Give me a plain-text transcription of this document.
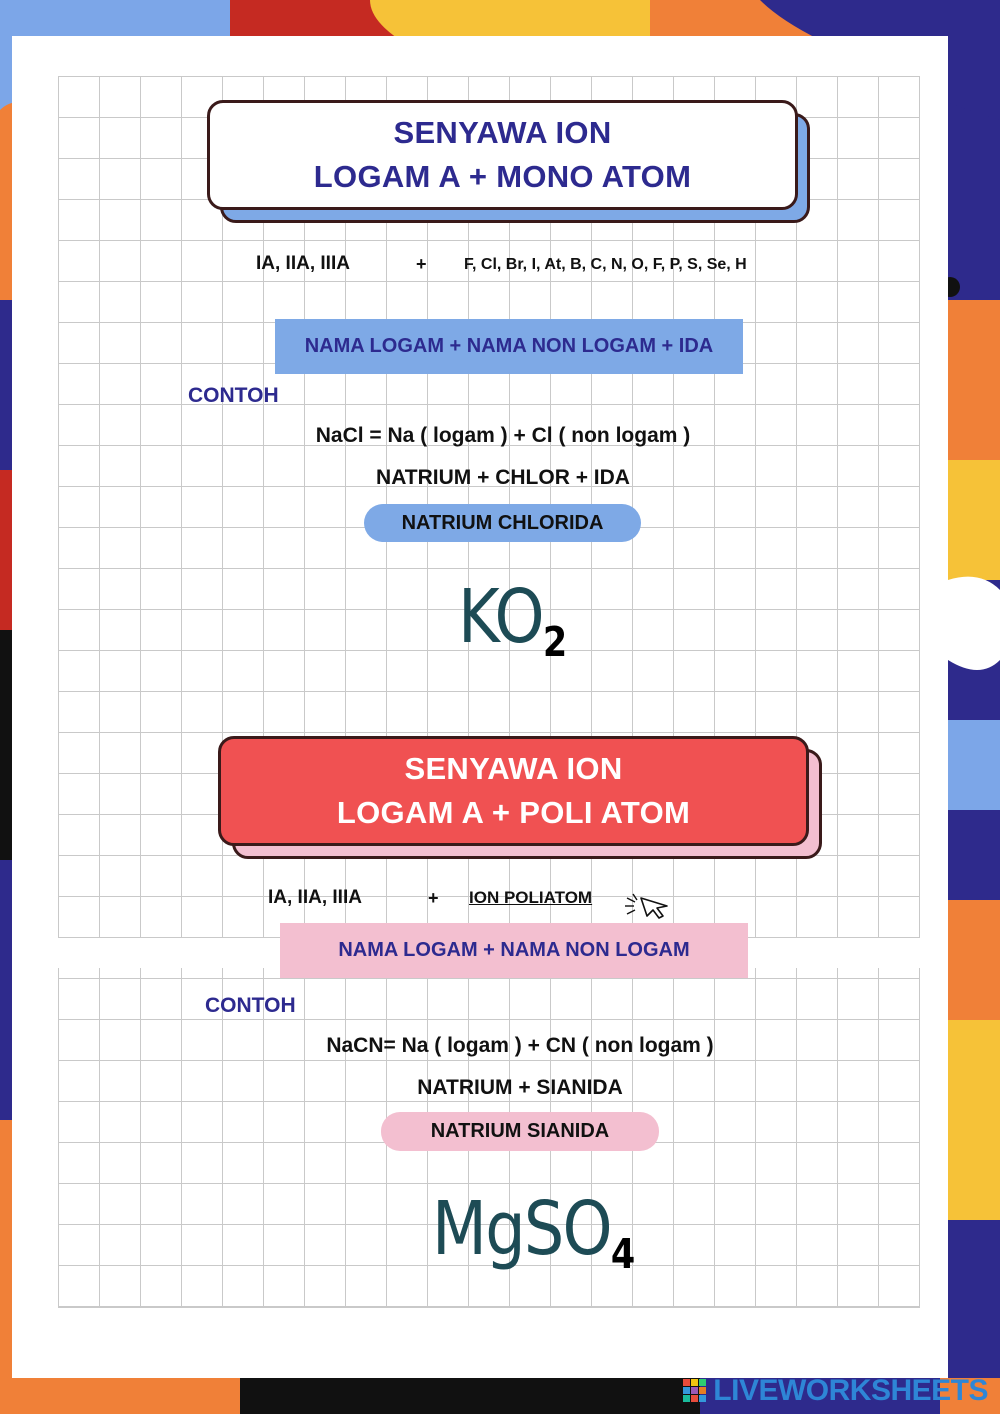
SENYAWA ION
LOGAM A + MONO ATOM
IA, IIA, IIIA	+ F, Cl, Br, I, At, B, C, N, O, F, P, S, Se, H
NAMA LOGAM + NAMA NON LOGAM + IDA
CONTOH
NaCl = Na ( logam ) + Cl ( non logam )
NATRIUM + CHLOR + IDA
NATRIUM CHLORIDA
$KO_2$
SENYAWA ION
LOGAM A + POLI ATOM
IA, IIA, IIIA	+ ION POLIATOM
NAMA LOGAM + NAMA NON LOGAM
CONTOH
NaCN= Na ( logam ) + CN ( non logam )
NATRIUM + SIANIDA
NATRIUM SIANIDA
MgSO$_4$
LIVEWORKSHEETS
